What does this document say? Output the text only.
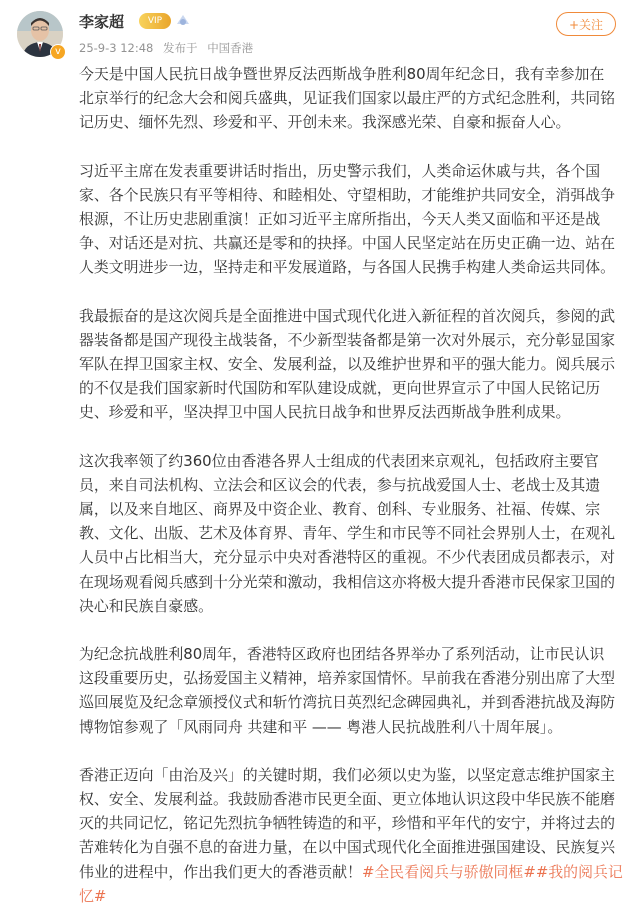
v
李家超	VIP
25-9-3 12:48 发布于 中国香港
+关注

今天是中国人民抗日战争暨世界反法西斯战争胜利80周年纪念日，我有幸参加在
北京举行的纪念大会和阅兵盛典，见证我们国家以最庄严的方式纪念胜利，共同铭
记历史、缅怀先烈、珍爱和平、开创未来。我深感光荣、自豪和振奋人心。

习近平主席在发表重要讲话时指出，历史警示我们，人类命运休戚与共，各个国
家、各个民族只有平等相待、和睦相处、守望相助，才能维护共同安全，消弭战争
根源，不让历史悲剧重演！正如习近平主席所指出，今天人类又面临和平还是战
争、对话还是对抗、共赢还是零和的抉择。中国人民坚定站在历史正确一边、站在
人类文明进步一边，坚持走和平发展道路，与各国人民携手构建人类命运共同体。

我最振奋的是这次阅兵是全面推进中国式现代化进入新征程的首次阅兵，参阅的武
器装备都是国产现役主战装备，不少新型装备都是第一次对外展示，充分彰显国家
军队在捍卫国家主权、安全、发展利益，以及维护世界和平的强大能力。阅兵展示
的不仅是我们国家新时代国防和军队建设成就，更向世界宣示了中国人民铭记历
史、珍爱和平，坚决捍卫中国人民抗日战争和世界反法西斯战争胜利成果。

这次我率领了约360位由香港各界人士组成的代表团来京观礼，包括政府主要官
员，来自司法机构、立法会和区议会的代表，参与抗战爱国人士、老战士及其遗
属，以及来自地区、商界及中资企业、教育、创科、专业服务、社福、传媒、宗
教、文化、出版、艺术及体育界、青年、学生和市民等不同社会界别人士，在观礼
人员中占比相当大，充分显示中央对香港特区的重视。不少代表团成员都表示，对
在现场观看阅兵感到十分光荣和激动，我相信这亦将极大提升香港市民保家卫国的
决心和民族自豪感。

为纪念抗战胜利80周年，香港特区政府也团结各界举办了系列活动，让市民认识
这段重要历史，弘扬爱国主义精神，培养家国情怀。早前我在香港分别出席了大型
巡回展览及纪念章颁授仪式和斩竹湾抗日英烈纪念碑园典礼，并到香港抗战及海防
博物馆参观了「风雨同舟 共建和平 —— 粤港人民抗战胜利八十周年展」。

香港正迈向「由治及兴」的关键时期，我们必须以史为鉴，以坚定意志维护国家主
权、安全、发展利益。我鼓励香港市民更全面、更立体地认识这段中华民族不能磨
灭的共同记忆，铭记先烈抗争牺牲铸造的和平，珍惜和平年代的安宁，并将过去的
苦难转化为自强不息的奋进力量，在以中国式现代化全面推进强国建设、民族复兴
伟业的进程中，作出我们更大的香港贡献！#全民看阅兵与骄傲同框##我的阅兵记
忆#
